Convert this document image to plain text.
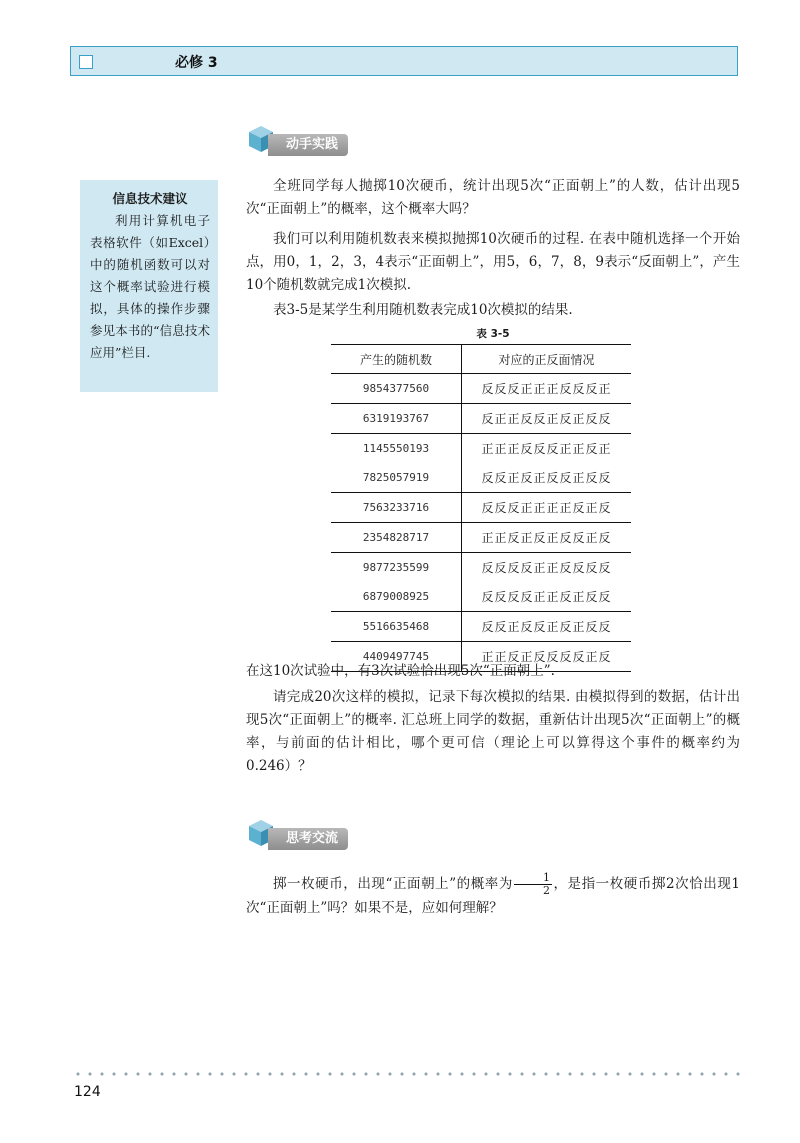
必修 3
动手实践
信息技术建议
利用计算机电子表格软件（如Excel）中的随机函数可以对这个概率试验进行模拟，具体的操作步骤参见本书的“信息技术应用”栏目.
全班同学每人抛掷10次硬币，统计出现5次“正面朝上”的人数，估计出现5次“正面朝上”的概率，这个概率大吗？
我们可以利用随机数表来模拟抛掷10次硬币的过程. 在表中随机选择一个开始点，用0，1，2，3，4表示“正面朝上”，用5，6，7，8，9表示“反面朝上”，产生10个随机数就完成1次模拟.
表3-5是某学生利用随机数表完成10次模拟的结果.
表 3-5
产生的随机数	对应的正反面情况
9854377560	反反反正正正反反反正
6319193767	反正正反反正反正反反
1145550193	正正正反反反正正反正
7825057919	反反正反正反反正反反
7563233716	反反反正正正正反正反
2354828717	正正反正反正反反正反
9877235599	反反反反正正反反反反
6879008925	反反反反正正反正反反
5516635468	反反正反反正反正反反
4409497745	正正反正反反反反正反
在这10次试验中，有3次试验恰出现5次“正面朝上”.
请完成20次这样的模拟，记录下每次模拟的结果. 由模拟得到的数据，估计出现5次“正面朝上”的概率. 汇总班上同学的数据，重新估计出现5次“正面朝上”的概率，与前面的估计相比，哪个更可信（理论上可以算得这个事件的概率约为0.246）？
思考交流
掷一枚硬币，出现“正面朝上”的概率为 $\frac{1}{2}$ ，是指一枚硬币掷2次恰出现1次“正面朝上”吗？如果不是，应如何理解？
124
